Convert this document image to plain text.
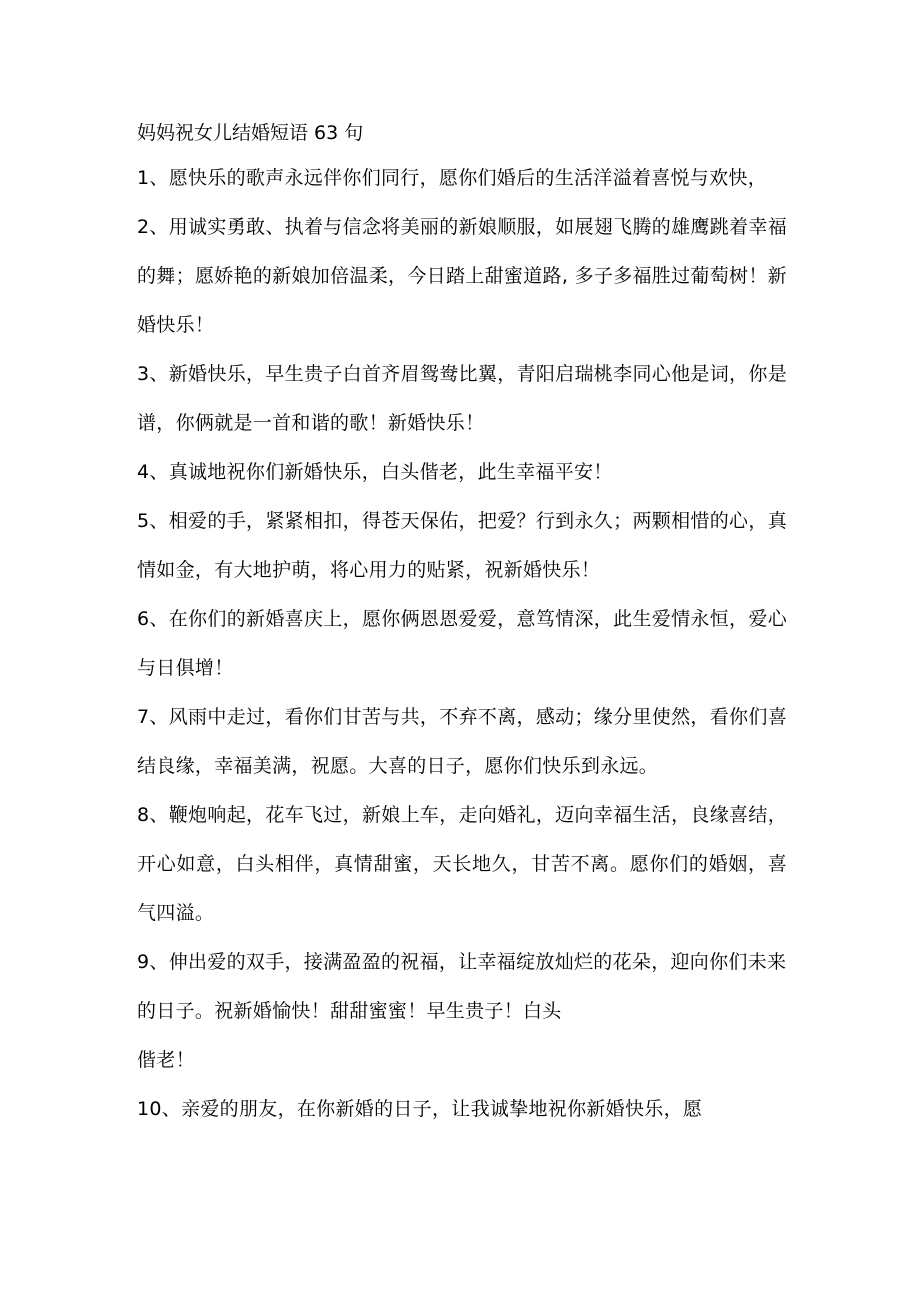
妈妈祝女儿结婚短语 63 句

1、愿快乐的歌声永远伴你们同行，愿你们婚后的生活洋溢着喜悦与欢快，

2、用诚实勇敢、执着与信念将美丽的新娘顺服，如展翅飞腾的雄鹰跳着幸福的舞；愿娇艳的新娘加倍温柔，今日踏上甜蜜道路, 多子多福胜过葡萄树！新婚快乐！

3、新婚快乐，早生贵子白首齐眉鸳鸯比翼，青阳启瑞桃李同心他是词，你是谱，你俩就是一首和谐的歌！新婚快乐！

4、真诚地祝你们新婚快乐，白头偕老，此生幸福平安！

5、相爱的手，紧紧相扣，得苍天保佑，把爱？行到永久；两颗相惜的心，真情如金，有大地护萌，将心用力的贴紧，祝新婚快乐！

6、在你们的新婚喜庆上，愿你俩恩恩爱爱，意笃情深，此生爱情永恒，爱心与日俱增！

7、风雨中走过，看你们甘苦与共，不弃不离，感动；缘分里使然，看你们喜结良缘，幸福美满，祝愿。大喜的日子，愿你们快乐到永远。

8、鞭炮响起，花车飞过，新娘上车，走向婚礼，迈向幸福生活，良缘喜结，开心如意，白头相伴，真情甜蜜，天长地久，甘苦不离。愿你们的婚姻，喜气四溢。

9、伸出爱的双手，接满盈盈的祝福，让幸福绽放灿烂的花朵，迎向你们未来的日子。祝新婚愉快！甜甜蜜蜜！早生贵子！白头

偕老！

10、亲爱的朋友，在你新婚的日子，让我诚挚地祝你新婚快乐，愿
